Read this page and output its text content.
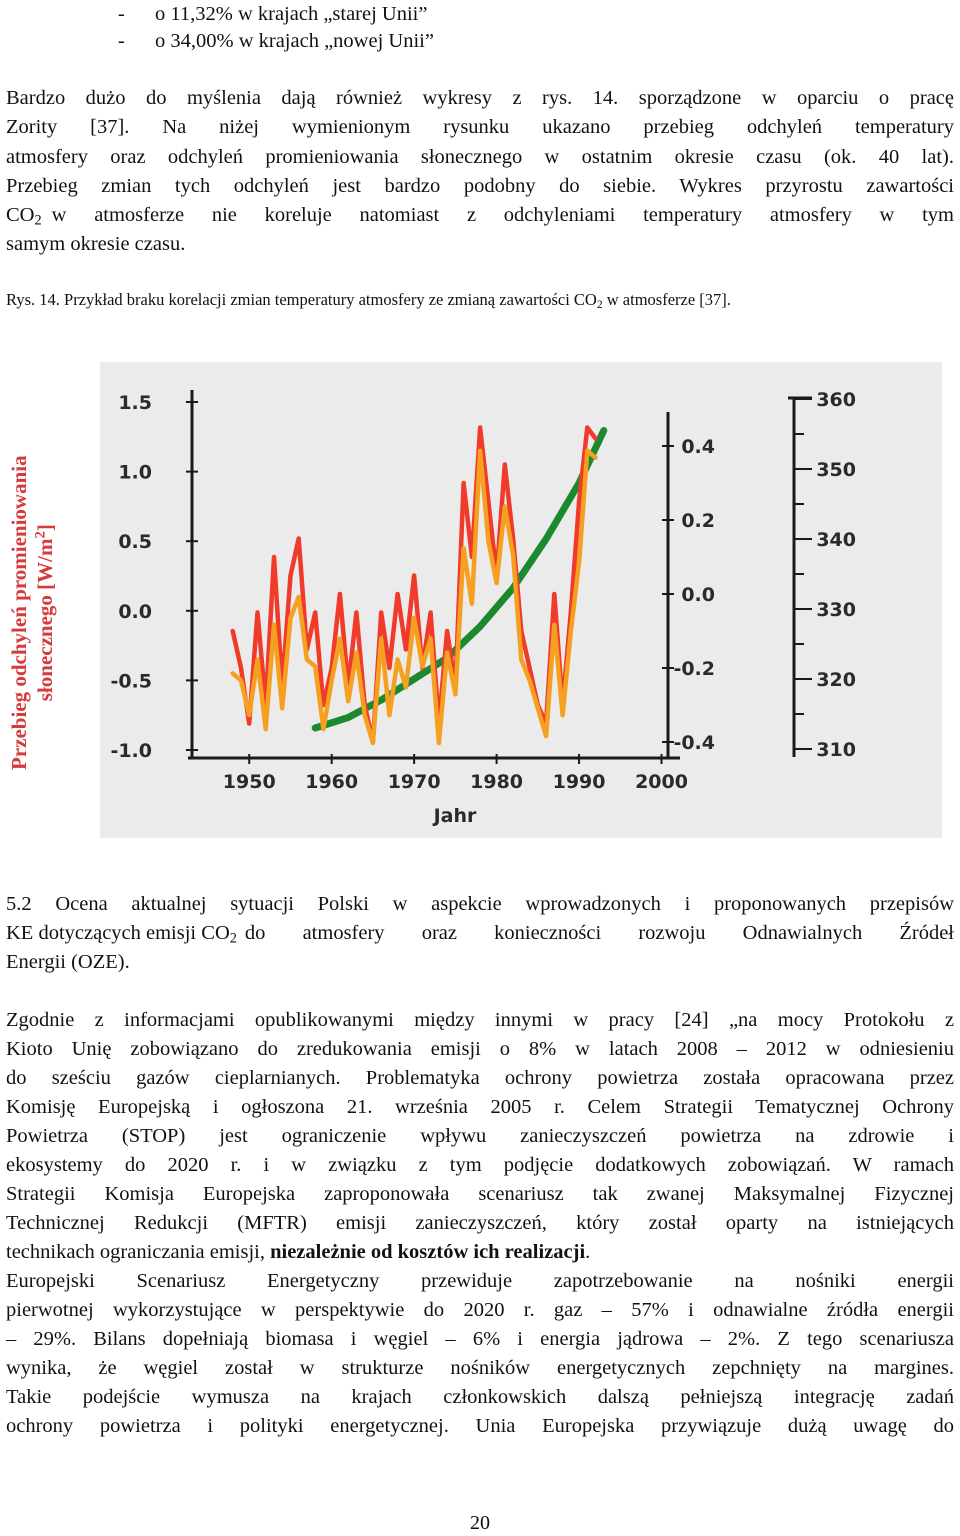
- o 11,32% w krajach „starej Unii”
- o 34,00% w krajach „nowej Unii”

Bardzo dużo do myślenia dają również wykresy z rys. 14. sporządzone w oparciu o pracę

Zority [37]. Na niżej wymienionym rysunku ukazano przebieg odchyleń temperatury

atmosfery oraz odchyleń promieniowania słonecznego w ostatnim okresie czasu (ok. 40 lat).

Przebieg zmian tych odchyleń jest bardzo podobny do siebie. Wykres przyrostu zawartości

$CO_2$ w atmosferze nie koreluje natomiast z odchyleniami temperatury atmosfery w tym

samym okresie czasu.

Rys. 14. Przykład braku korelacji zmian temperatury atmosfery ze zmianą zawartości $CO_2$ w atmosferze [37].
Przebieg odchyleń promieniowania słonecznego $[W/m^2]$
1.5
1.0
0.5
0.0
-0.5
-1.0
0.4
0.2
0.0
-0.2
-0.4
360
350
340
330
320
310
1950 1960 1970 1980 1990 2000
Jahr

5.2 Ocena aktualnej sytuacji Polski w aspekcie wprowadzonych i proponowanych przepisów

KE dotyczących emisji $CO_2$ do atmosfery oraz konieczności rozwoju Odnawialnych Źródeł

Energii (OZE).

Zgodnie z informacjami opublikowanymi między innymi w pracy [24] „na mocy Protokołu z

Kioto Unię zobowiązano do zredukowania emisji o 8% w latach 2008 – 2012 w odniesieniu

do sześciu gazów cieplarnianych. Problematyka ochrony powietrza została opracowana przez

Komisję Europejską i ogłoszona 21. września 2005 r. Celem Strategii Tematycznej Ochrony

Powietrza (STOP) jest ograniczenie wpływu zanieczyszczeń powietrza na zdrowie i

ekosystemy do 2020 r. i w związku z tym podjęcie dodatkowych zobowiązań. W ramach

Strategii Komisja Europejska zaproponowała scenariusz tak zwanej Maksymalnej Fizycznej

Technicznej Redukcji (MFTR) emisji zanieczyszczeń, który został oparty na istniejących

technikach ograniczania emisji, niezależnie od kosztów ich realizacji.

Europejski Scenariusz Energetyczny przewiduje zapotrzebowanie na nośniki energii

pierwotnej wykorzystujące w perspektywie do 2020 r. gaz – 57% i odnawialne źródła energii

– 29%. Bilans dopełniają biomasa i węgiel – 6% i energia jądrowa – 2%. Z tego scenariusza

wynika, że węgiel został w strukturze nośników energetycznych zepchnięty na margines.

Takie podejście wymusza na krajach członkowskich dalszą pełniejszą integrację zadań

ochrony powietrza i polityki energetycznej. Unia Europejska przywiązuje dużą uwagę do

20
